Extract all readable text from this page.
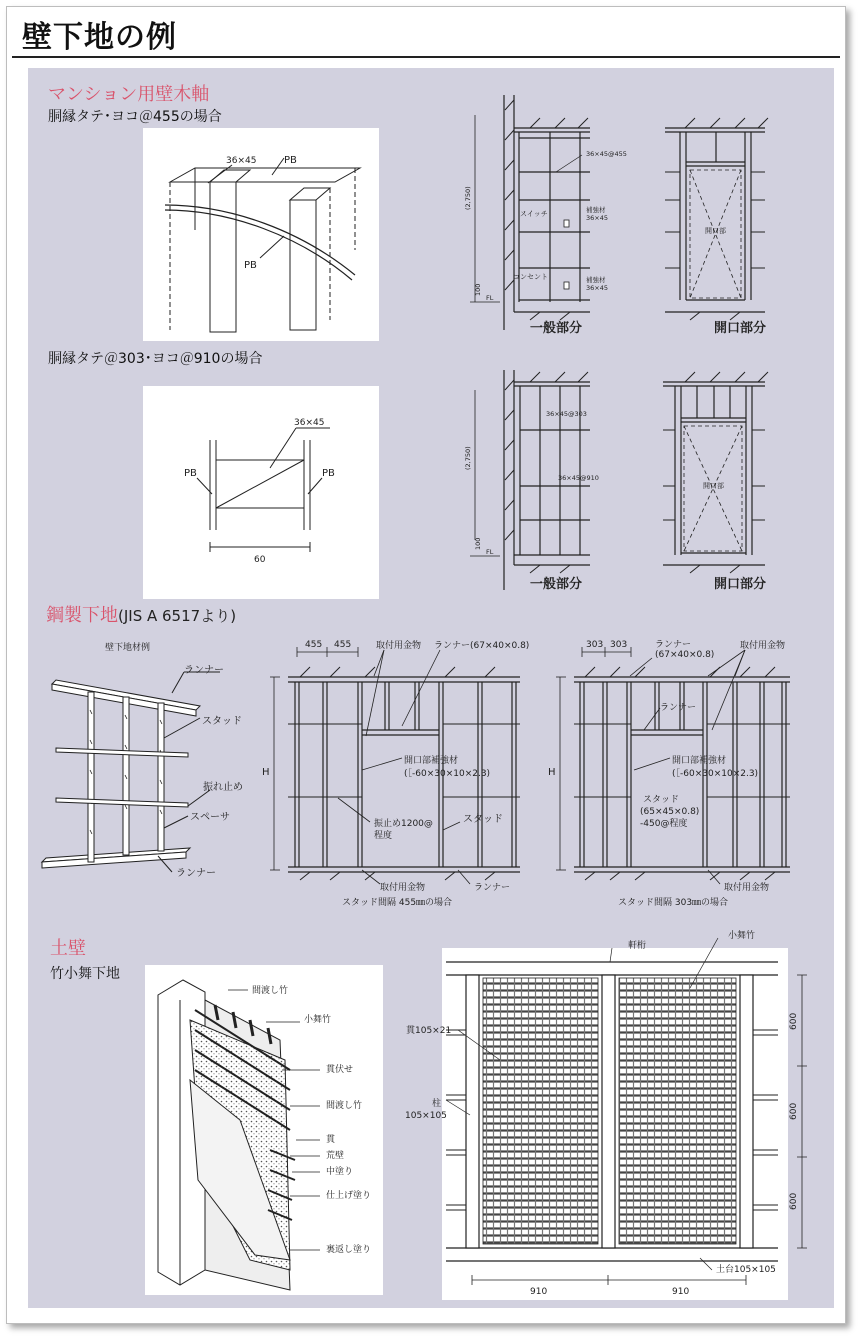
壁下地の例
マンション用壁木軸
胴縁タテ･ヨコ＠455の場合
胴縁タテ＠303･ヨコ＠910の場合
鋼製下地(JIS A 6517より)
土壁
竹小舞下地
36×45	PB
PB
36×45
PB	PB
60
36×45@455
スイッチ	補強材
36×45
コンセント	補強材
36×45
(2,750)
100
FL
一般部分
開口部
開口部分
36×45@303
36×45@910
(2,750)
100
FL
一般部分
開口部
開口部分
壁下地材例
ランナー
スタッド
振れ止め
スペーサ
ランナー
455 455	取付用金物 ランナー(67×40×0.8)
開口部補強材
(［-60×30×10×2.3)
振止め1200@
程度
スタッド
取付用金物	ランナー
H
スタッド間隔 455㎜の場合
303 303	ランナー
(67×40×0.8)
取付用金物
ランナー
開口部補強材
(［-60×30×10×2.3)
スタッド
(65×45×0.8)
-450@程度
取付用金物
H
スタッド間隔 303㎜の場合
間渡し竹
小舞竹
貫伏せ
間渡し竹
貫
荒壁
中塗り
仕上げ塗り
裏返し塗り
軒桁
小舞竹
貫105×21
柱
105×105
土台105×105
600
600
600
910	910
